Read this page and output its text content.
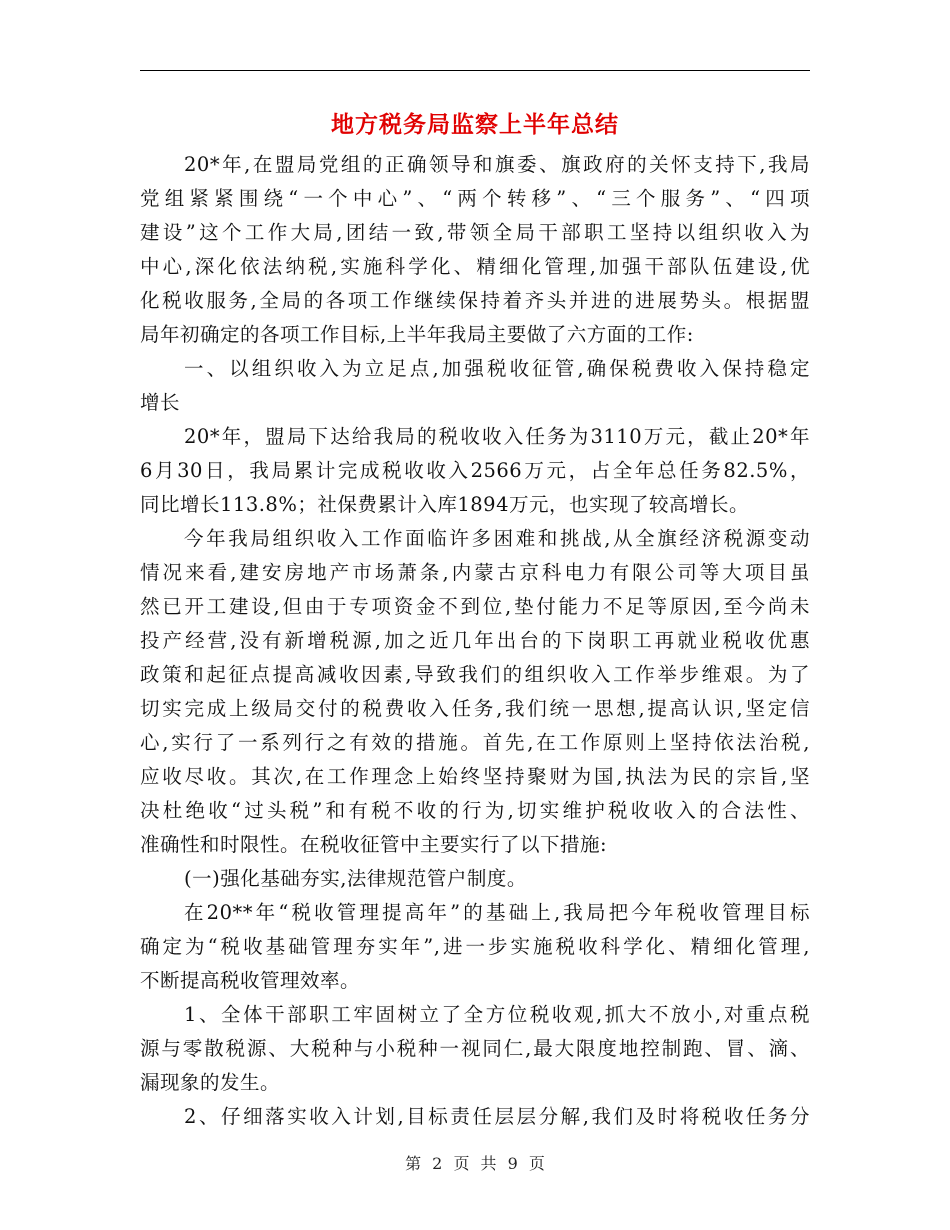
地方税务局监察上半年总结
20*年,在盟局党组的正确领导和旗委、旗政府的关怀支持下,我局
党组紧紧围绕“一个中心”、“两个转移”、“三个服务”、“四项
建设”这个工作大局,团结一致,带领全局干部职工坚持以组织收入为
中心,深化依法纳税,实施科学化、精细化管理,加强干部队伍建设,优
化税收服务,全局的各项工作继续保持着齐头并进的进展势头。根据盟
局年初确定的各项工作目标,上半年我局主要做了六方面的工作:
一、以组织收入为立足点,加强税收征管,确保税费收入保持稳定
增长
20*年，盟局下达给我局的税收收入任务为3110万元，截止20*年
6月30日，我局累计完成税收收入2566万元，占全年总任务82.5%，
同比增长113.8%；社保费累计入库1894万元，也实现了较高增长。
今年我局组织收入工作面临许多困难和挑战,从全旗经济税源变动
情况来看,建安房地产市场萧条,内蒙古京科电力有限公司等大项目虽
然已开工建设,但由于专项资金不到位,垫付能力不足等原因,至今尚未
投产经营,没有新增税源,加之近几年出台的下岗职工再就业税收优惠
政策和起征点提高减收因素,导致我们的组织收入工作举步维艰。为了
切实完成上级局交付的税费收入任务,我们统一思想,提高认识,坚定信
心,实行了一系列行之有效的措施。首先,在工作原则上坚持依法治税,
应收尽收。其次,在工作理念上始终坚持聚财为国,执法为民的宗旨,坚
决杜绝收“过头税”和有税不收的行为,切实维护税收收入的合法性、
准确性和时限性。在税收征管中主要实行了以下措施:
(一)强化基础夯实,法律规范管户制度。
在20**年“税收管理提高年”的基础上,我局把今年税收管理目标
确定为“税收基础管理夯实年”,进一步实施税收科学化、精细化管理,
不断提高税收管理效率。
1、全体干部职工牢固树立了全方位税收观,抓大不放小,对重点税
源与零散税源、大税种与小税种一视同仁,最大限度地控制跑、冒、滴、
漏现象的发生。
2、仔细落实收入计划,目标责任层层分解,我们及时将税收任务分
第 2 页 共 9 页
